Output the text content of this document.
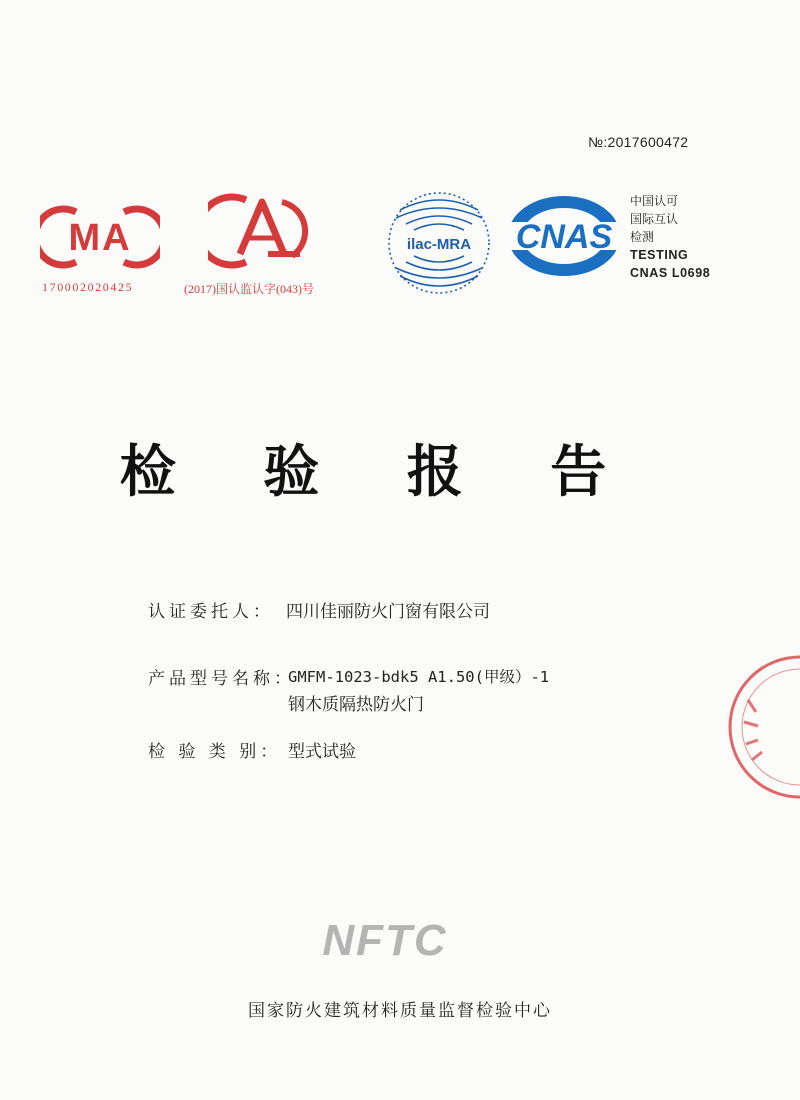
№:2017600472
MA
170002020425
CAL
(2017)国认监认字(043)号
ilac-MRA CNAS
中国认可
国际互认
检测
TESTING
CNAS L0698
检 验 报 告
认证委托人： 四川佳丽防火门窗有限公司
产品型号名称：
GMFM-1023-bdk5 A1.50(甲级）-1
钢木质隔热防火门
检 验 类 别： 型式试验
NFTC
国家防火建筑材料质量监督检验中心
